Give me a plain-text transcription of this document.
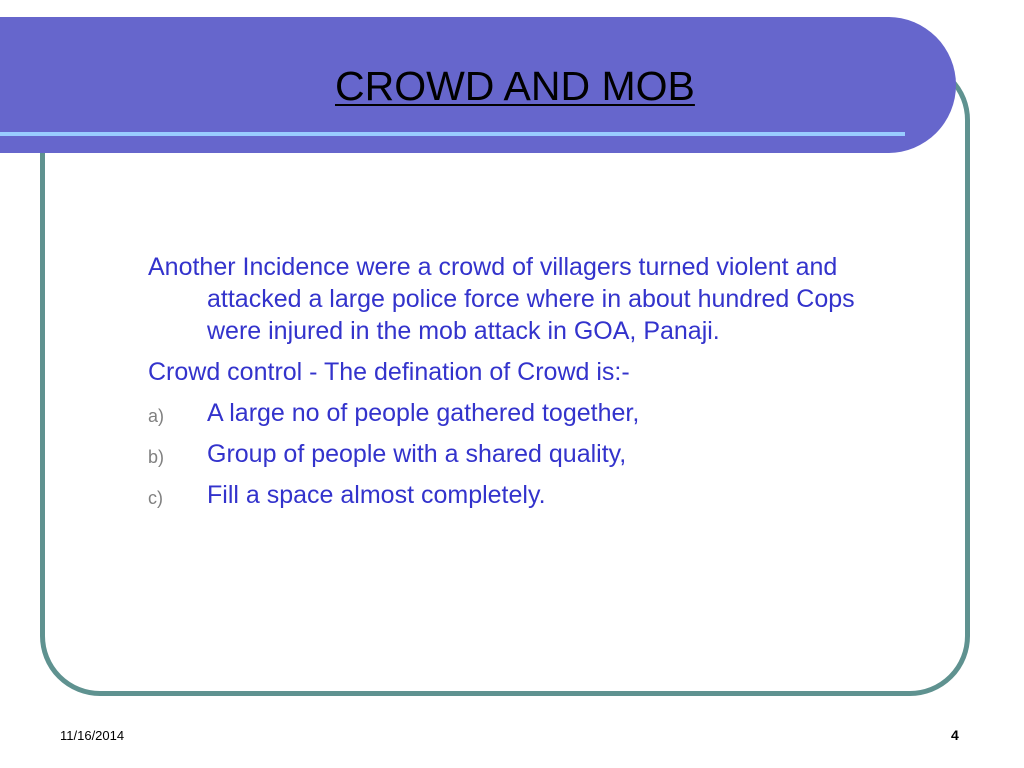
CROWD AND MOB

Another Incidence were a crowd of villagers turned violent and attacked a large police force where in about hundred Cops were injured in the mob attack in GOA, Panaji.

Crowd control - The defination of Crowd is:-

a) A large no of people gathered together,
b) Group of people with a shared quality,
c) Fill a space almost completely.
11/16/2014	4
